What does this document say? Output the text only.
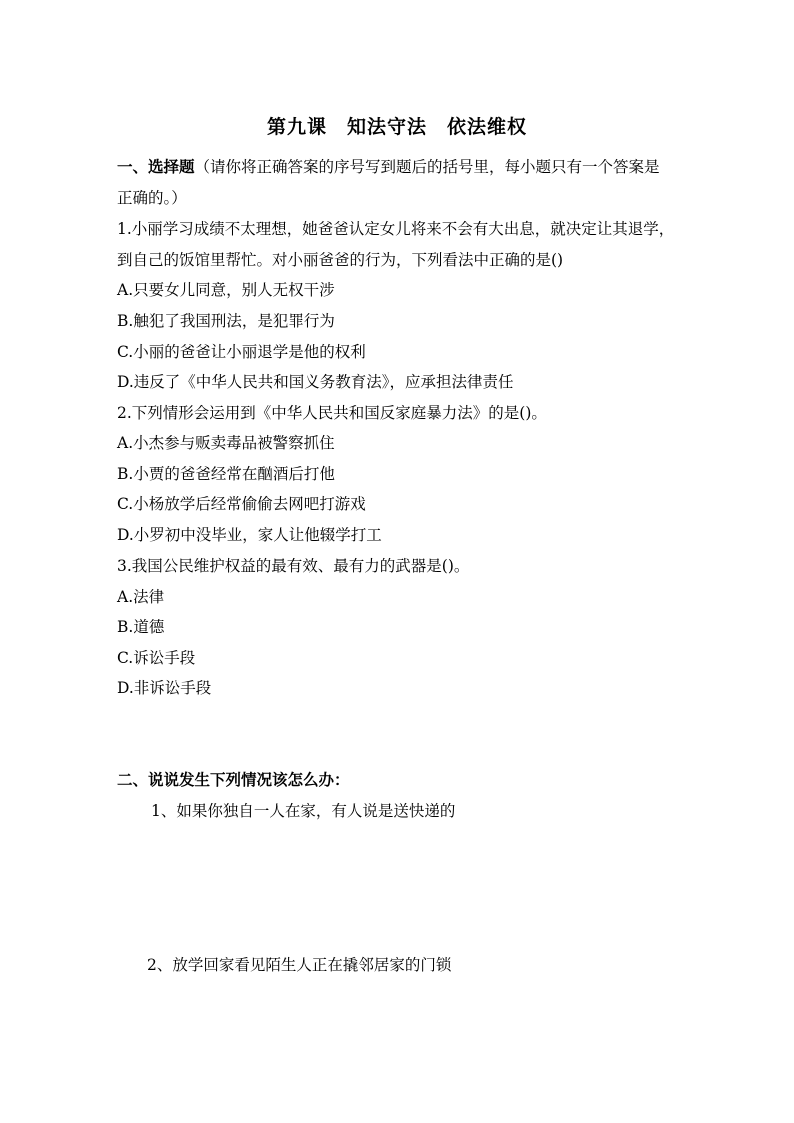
第九课　知法守法　依法维权
一、选择题（请你将正确答案的序号写到题后的括号里，每小题只有一个答案是
正确的。）
1.小丽学习成绩不太理想，她爸爸认定女儿将来不会有大出息，就决定让其退学，
到自己的饭馆里帮忙。对小丽爸爸的行为，下列看法中正确的是()
A.只要女儿同意，别人无权干涉
B.触犯了我国刑法，是犯罪行为
C.小丽的爸爸让小丽退学是他的权利
D.违反了《中华人民共和国义务教育法》，应承担法律责任
2.下列情形会运用到《中华人民共和国反家庭暴力法》的是()。
A.小杰参与贩卖毒品被警察抓住
B.小贾的爸爸经常在酗酒后打他
C.小杨放学后经常偷偷去网吧打游戏
D.小罗初中没毕业，家人让他辍学打工
3.我国公民维护权益的最有效、最有力的武器是()。
A.法律
B.道德
C.诉讼手段
D.非诉讼手段
二、说说发生下列情况该怎么办：
1、如果你独自一人在家，有人说是送快递的
2、放学回家看见陌生人正在撬邻居家的门锁
